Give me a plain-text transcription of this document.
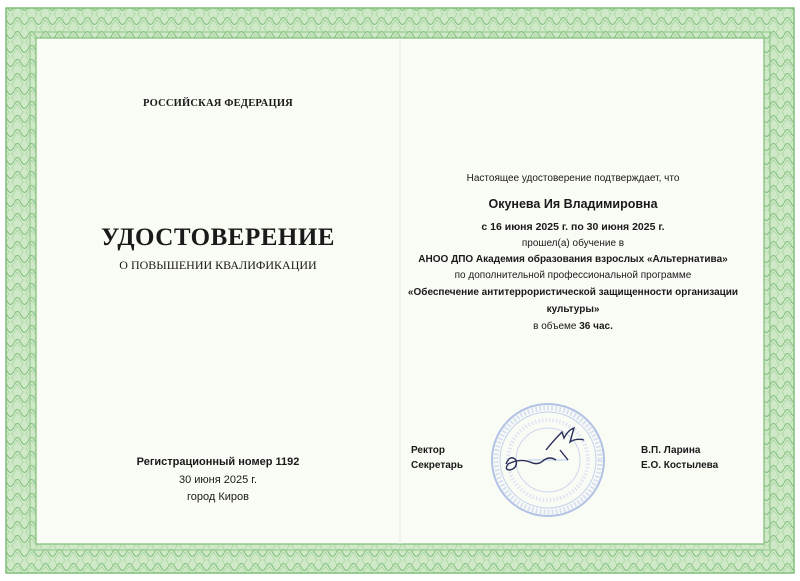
РОССИЙСКАЯ ФЕДЕРАЦИЯ
УДОСТОВЕРЕНИЕ
О ПОВЫШЕНИИ КВАЛИФИКАЦИИ
Регистрационный номер 1192
30 июня 2025 г.
город Киров
Настоящее удостоверение подтверждает, что
Окунева Ия Владимировна
с 16 июня 2025 г. по 30 июня 2025 г.
прошел(а) обучение в
АНОО ДПО Академия образования взрослых «Альтернатива»
по дополнительной профессиональной программе
«Обеспечение антитеррористической защищенности организации
культуры»
в объеме 36 час.
Ректор
Секретарь
В.П. Ларина
Е.О. Костылева
